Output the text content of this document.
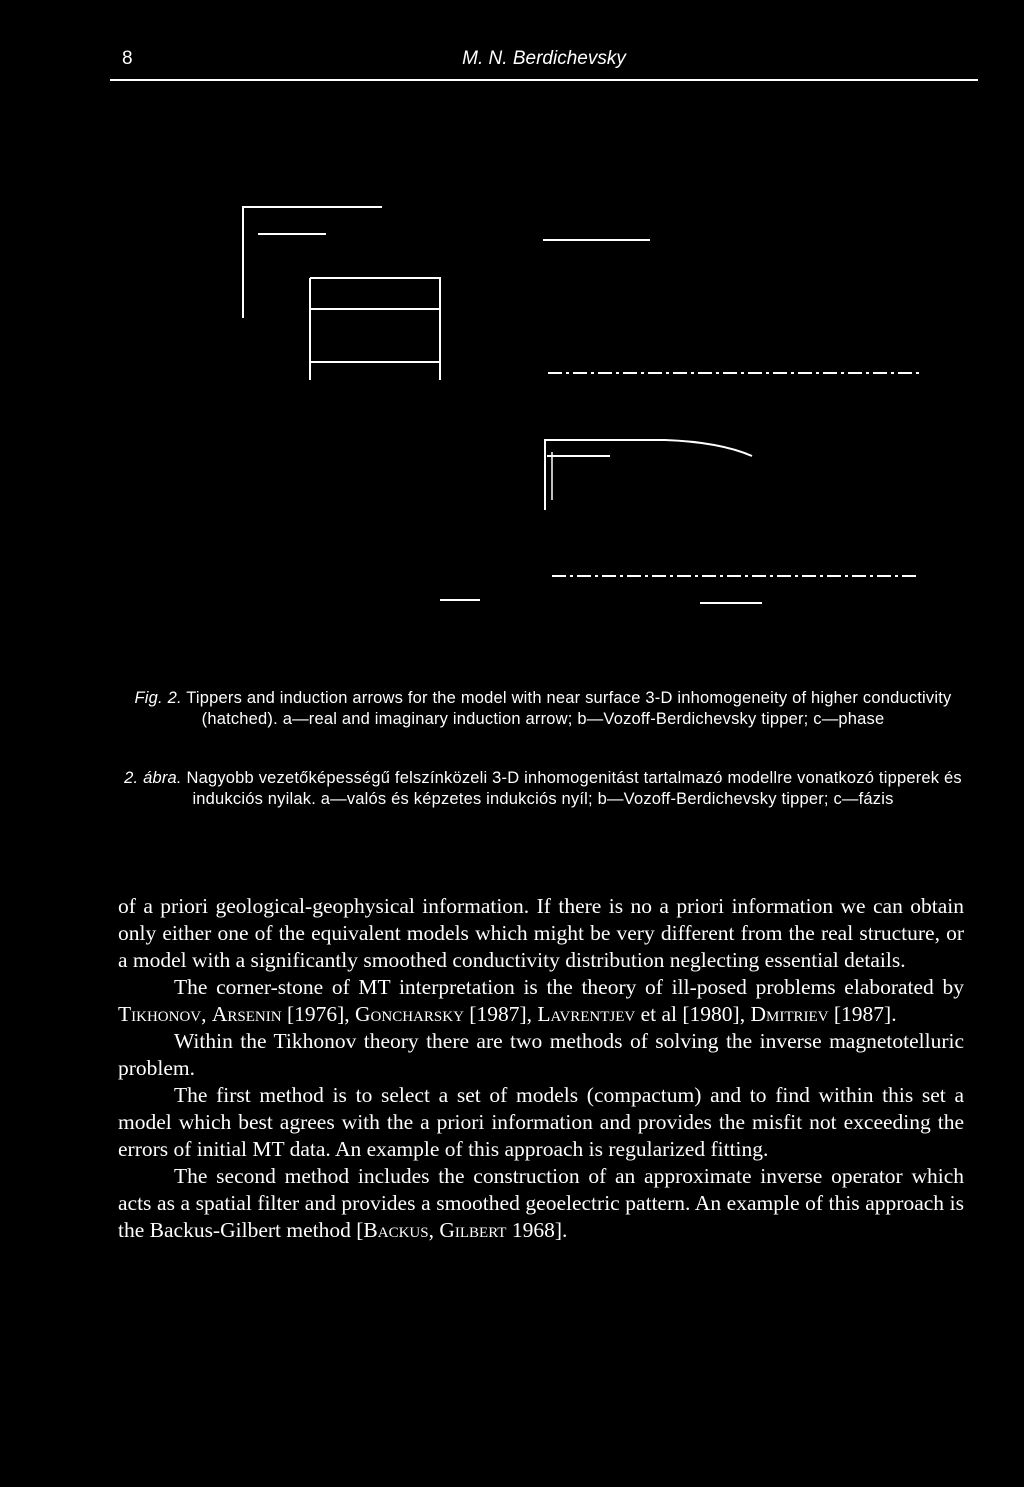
8	M. N. Berdichevsky
Fig. 2. Tippers and induction arrows for the model with near surface 3-D inhomogeneity of higher conductivity (hatched). a—real and imaginary induction arrow; b—Vozoff-Berdichevsky tipper; c—phase
2. ábra. Nagyobb vezetőképességű felszínközeli 3-D inhomogenitást tartalmazó modellre vonatkozó tipperek és indukciós nyilak. a—valós és képzetes indukciós nyíl; b—Vozoff-Berdichevsky tipper; c—fázis

of a priori geological-geophysical information. If there is no a priori information we can obtain only either one of the equivalent models which might be very different from the real structure, or a model with a significantly smoothed conductivity distribution neglecting essential details.

The corner-stone of MT interpretation is the theory of ill-posed problems elaborated by Tikhonov, Arsenin [1976], Goncharsky [1987], Lavrentjev et al [1980], Dmitriev [1987].

Within the Tikhonov theory there are two methods of solving the inverse magnetotelluric problem.

The first method is to select a set of models (compactum) and to find within this set a model which best agrees with the a priori information and provides the misfit not exceeding the errors of initial MT data. An example of this approach is regularized fitting.

The second method includes the construction of an approximate inverse operator which acts as a spatial filter and provides a smoothed geoelectric pattern. An example of this approach is the Backus-Gilbert method [Backus, Gilbert 1968].
